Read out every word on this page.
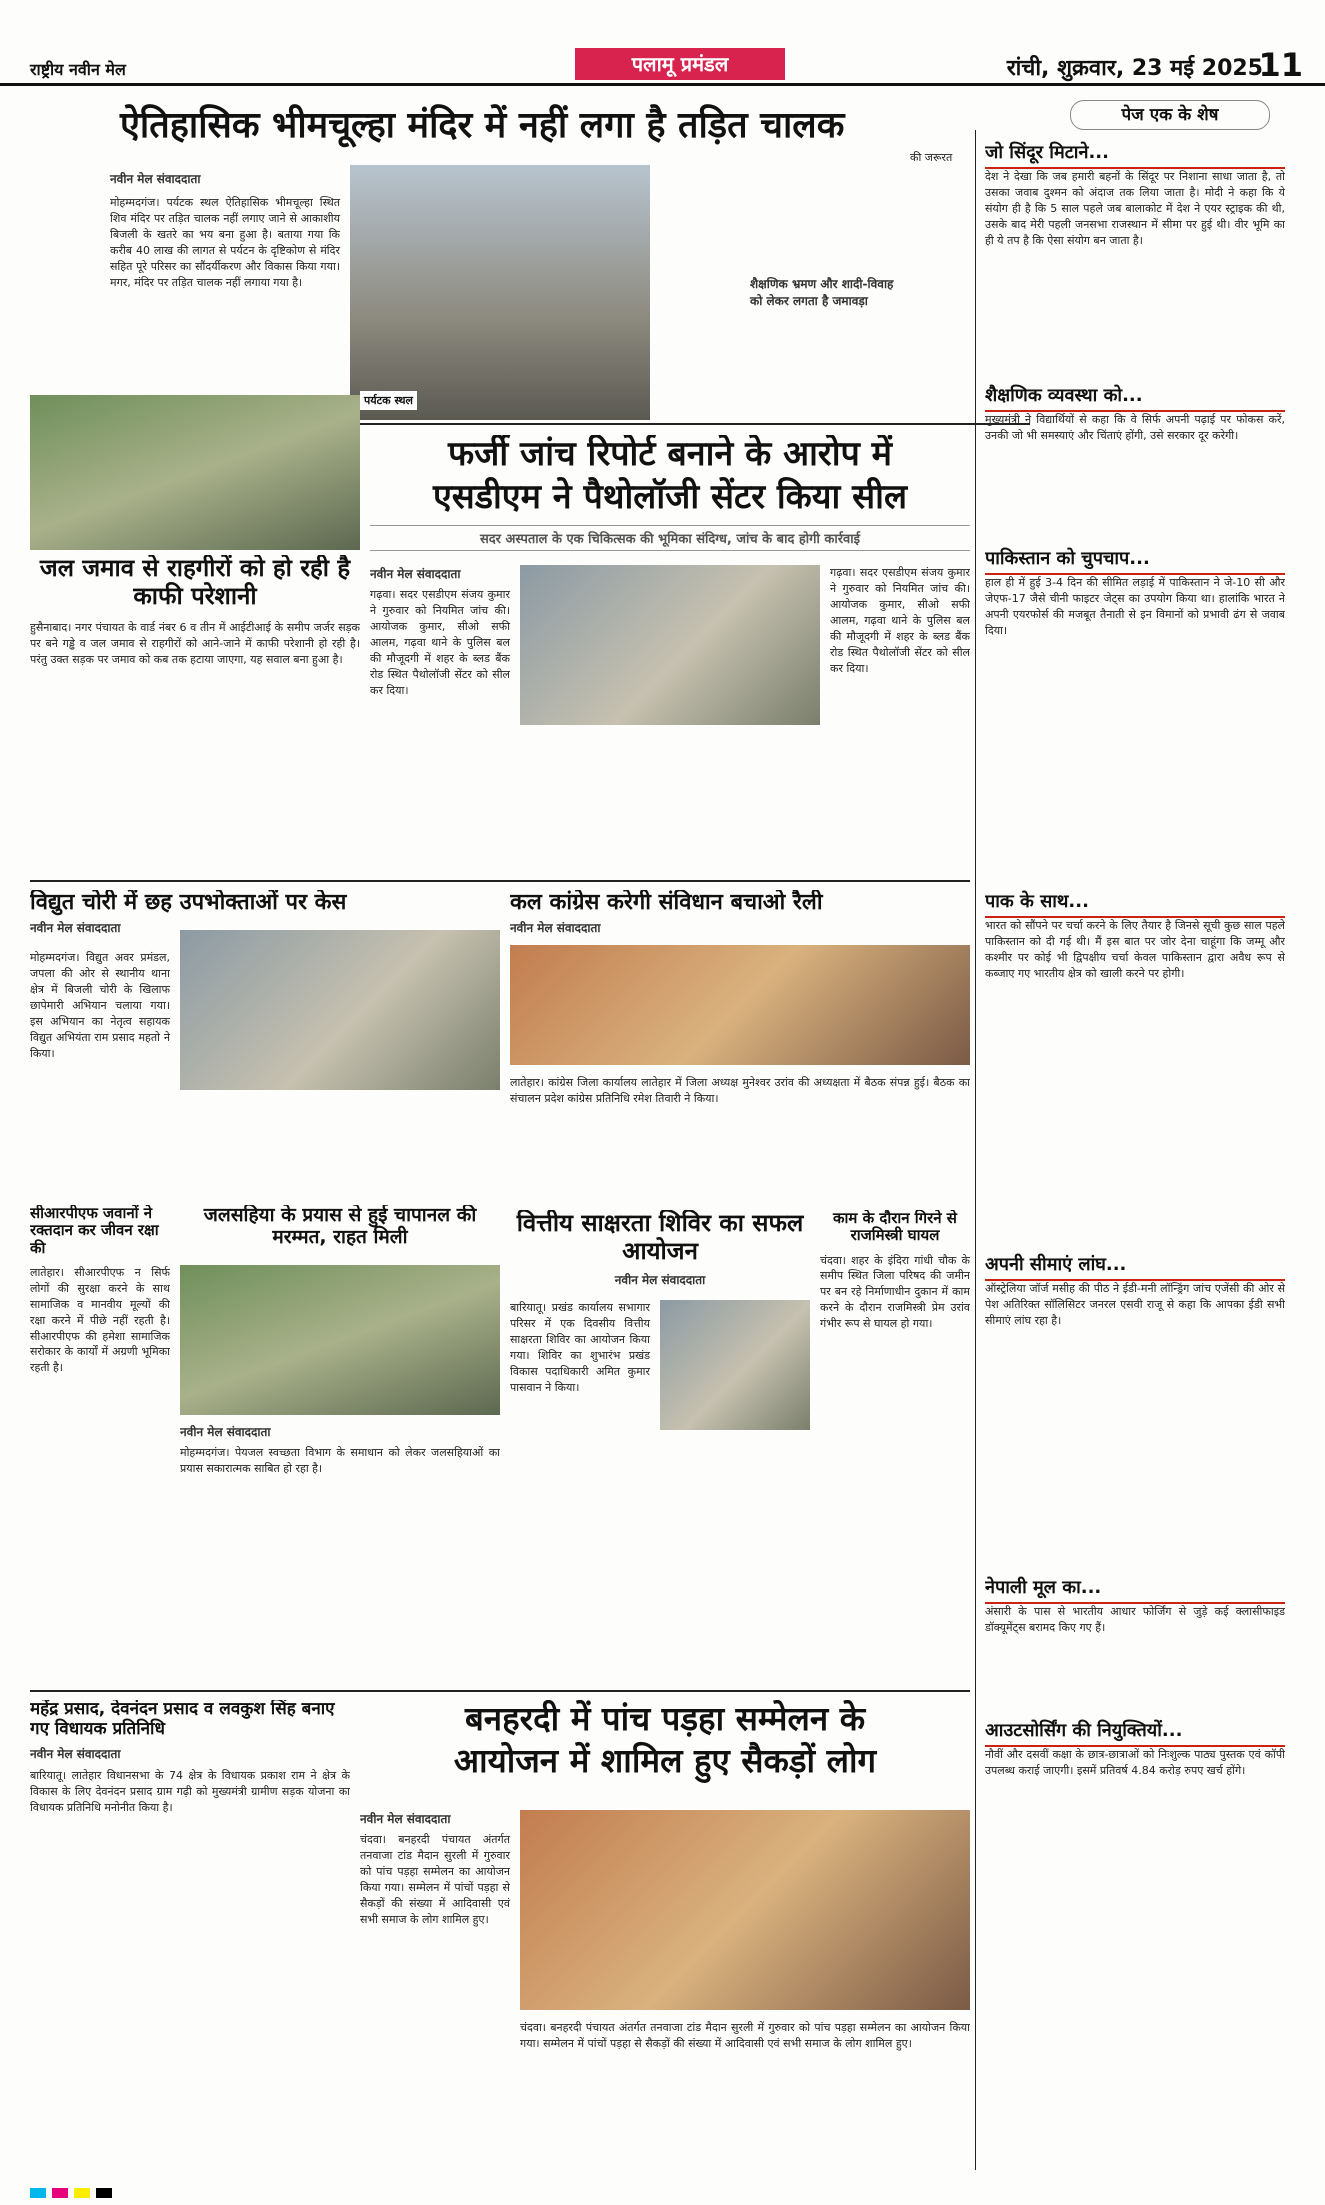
राष्ट्रीय नवीन मेल	पलामू प्रमंडल	रांची, शुक्रवार, 23 मई 2025
11
ऐतिहासिक भीमचूल्हा मंदिर में नहीं लगा है तड़ित चालक
नवीन मेल संवाददाता
मोहम्मदगंज। पर्यटक स्थल ऐतिहासिक भीमचूल्हा स्थित शिव मंदिर पर तड़ित चालक नहीं लगाए जाने से आकाशीय बिजली के खतरे का भय बना हुआ है। बताया गया कि करीब 40 लाख की लागत से पर्यटन के दृष्टिकोण से मंदिर सहित पूरे परिसर का सौंदर्यीकरण और विकास किया गया। मगर, मंदिर पर तड़ित चालक नहीं लगाया गया है।
पर्यटक स्थल
की जरूरत
शैक्षणिक भ्रमण और शादी-विवाह को लेकर लगता है जमावड़ा
पेज एक के शेष
जो सिंदूर मिटाने...
देश ने देखा कि जब हमारी बहनों के सिंदूर पर निशाना साधा जाता है, तो उसका जवाब दुश्मन को अंदाज तक लिया जाता है। मोदी ने कहा कि ये संयोग ही है कि 5 साल पहले जब बालाकोट में देश ने एयर स्ट्राइक की थी, उसके बाद मेरी पहली जनसभा राजस्थान में सीमा पर हुई थी। वीर भूमि का ही ये तप है कि ऐसा संयोग बन जाता है।
शैक्षणिक व्यवस्था को...
मुख्यमंत्री ने विद्यार्थियों से कहा कि वे सिर्फ अपनी पढ़ाई पर फोकस करें, उनकी जो भी समस्याएं और चिंताएं होंगी, उसे सरकार दूर करेगी।
पाकिस्तान को चुपचाप...
हाल ही में हुई 3-4 दिन की सीमित लड़ाई में पाकिस्तान ने जे-10 सी और जेएफ-17 जैसे चीनी फाइटर जेट्स का उपयोग किया था। हालांकि भारत ने अपनी एयरफोर्स की मजबूत तैनाती से इन विमानों को प्रभावी ढंग से जवाब दिया।
पाक के साथ...
भारत को सौंपने पर चर्चा करने के लिए तैयार है जिनसे सूची कुछ साल पहले पाकिस्तान को दी गई थी। मैं इस बात पर जोर देना चाहूंगा कि जम्मू और कश्मीर पर कोई भी द्विपक्षीय चर्चा केवल पाकिस्तान द्वारा अवैध रूप से कब्जाए गए भारतीय क्षेत्र को खाली करने पर होगी।
अपनी सीमाएं लांघ...
ऑस्ट्रेलिया जॉर्ज मसीह की पीठ ने ईडी-मनी लॉन्ड्रिंग जांच एजेंसी की ओर से पेश अतिरिक्त सॉलिसिटर जनरल एसवी राजू से कहा कि आपका ईडी सभी सीमाएं लांघ रहा है।
नेपाली मूल का...
अंसारी के पास से भारतीय आधार फोर्जिंग से जुड़े कई क्लासीफाइड डॉक्यूमेंट्स बरामद किए गए हैं।
आउटसोर्सिंग की नियुक्तियों...
नौवीं और दसवीं कक्षा के छात्र-छात्राओं को निःशुल्क पाठ्य पुस्तक एवं कॉपी उपलब्ध कराई जाएगी। इसमें प्रतिवर्ष 4.84 करोड़ रुपए खर्च होंगे।
फर्जी जांच रिपोर्ट बनाने के आरोप में
एसडीएम ने पैथोलॉजी सेंटर किया सील
सदर अस्पताल के एक चिकित्सक की भूमिका संदिग्ध, जांच के बाद होगी कार्रवाई
नवीन मेल संवाददाता
गढ़वा। सदर एसडीएम संजय कुमार ने गुरुवार को नियमित जांच की। आयोजक कुमार, सीओ सफी आलम, गढ़वा थाने के पुलिस बल की मौजूदगी में शहर के ब्लड बैंक रोड स्थित पैथोलॉजी सेंटर को सील कर दिया।
गढ़वा। सदर एसडीएम संजय कुमार ने गुरुवार को नियमित जांच की। आयोजक कुमार, सीओ सफी आलम, गढ़वा थाने के पुलिस बल की मौजूदगी में शहर के ब्लड बैंक रोड स्थित पैथोलॉजी सेंटर को सील कर दिया।
जल जमाव से राहगीरों को हो रही है काफी परेशानी
हुसैनाबाद। नगर पंचायत के वार्ड नंबर 6 व तीन में आईटीआई के समीप जर्जर सड़क पर बने गड्ढे व जल जमाव से राहगीरों को आने-जाने में काफी परेशानी हो रही है। परंतु उक्त सड़क पर जमाव को कब तक हटाया जाएगा, यह सवाल बना हुआ है।
विद्युत चोरी में छह उपभोक्ताओं पर केस
नवीन मेल संवाददाता
मोहम्मदगंज। विद्युत अवर प्रमंडल, जपला की ओर से स्थानीय थाना क्षेत्र में बिजली चोरी के खिलाफ छापेमारी अभियान चलाया गया। इस अभियान का नेतृत्व सहायक विद्युत अभियंता राम प्रसाद महतो ने किया।
कल कांग्रेस करेगी संविधान बचाओ रैली
नवीन मेल संवाददाता
लातेहार। कांग्रेस जिला कार्यालय लातेहार में जिला अध्यक्ष मुनेश्वर उरांव की अध्यक्षता में बैठक संपन्न हुई। बैठक का संचालन प्रदेश कांग्रेस प्रतिनिधि रमेश तिवारी ने किया।
सीआरपीएफ जवानों ने रक्तदान कर जीवन रक्षा की
लातेहार। सीआरपीएफ न सिर्फ लोगों की सुरक्षा करने के साथ सामाजिक व मानवीय मूल्यों की रक्षा करने में पीछे नहीं रहती है। सीआरपीएफ की हमेशा सामाजिक सरोकार के कार्यों में अग्रणी भूमिका रहती है।
जलसहिया के प्रयास से हुई चापानल की मरम्मत, राहत मिली
नवीन मेल संवाददाता
मोहम्मदगंज। पेयजल स्वच्छता विभाग के समाधान को लेकर जलसहियाओं का प्रयास सकारात्मक साबित हो रहा है।
वित्तीय साक्षरता शिविर का सफल आयोजन
नवीन मेल संवाददाता
बारियातू। प्रखंड कार्यालय सभागार परिसर में एक दिवसीय वित्तीय साक्षरता शिविर का आयोजन किया गया। शिविर का शुभारंभ प्रखंड विकास पदाधिकारी अमित कुमार पासवान ने किया।
काम के दौरान गिरने से राजमिस्त्री घायल
चंदवा। शहर के इंदिरा गांधी चौक के समीप स्थित जिला परिषद की जमीन पर बन रहे निर्माणाधीन दुकान में काम करने के दौरान राजमिस्त्री प्रेम उरांव गंभीर रूप से घायल हो गया।
महेंद्र प्रसाद, देवनंदन प्रसाद व लवकुश सिंह बनाए गए विधायक प्रतिनिधि
नवीन मेल संवाददाता
बारियातू। लातेहार विधानसभा के 74 क्षेत्र के विधायक प्रकाश राम ने क्षेत्र के विकास के लिए देवनंदन प्रसाद ग्राम गढ़ी को मुख्यमंत्री ग्रामीण सड़क योजना का विधायक प्रतिनिधि मनोनीत किया है।
बनहरदी में पांच पड़हा सम्मेलन के
आयोजन में शामिल हुए सैकड़ों लोग
नवीन मेल संवाददाता
चंदवा। बनहरदी पंचायत अंतर्गत तनवाजा टांड मैदान सुरली में गुरुवार को पांच पड़हा सम्मेलन का आयोजन किया गया। सम्मेलन में पांचों पड़हा से सैकड़ों की संख्या में आदिवासी एवं सभी समाज के लोग शामिल हुए।
चंदवा। बनहरदी पंचायत अंतर्गत तनवाजा टांड मैदान सुरली में गुरुवार को पांच पड़हा सम्मेलन का आयोजन किया गया। सम्मेलन में पांचों पड़हा से सैकड़ों की संख्या में आदिवासी एवं सभी समाज के लोग शामिल हुए।
